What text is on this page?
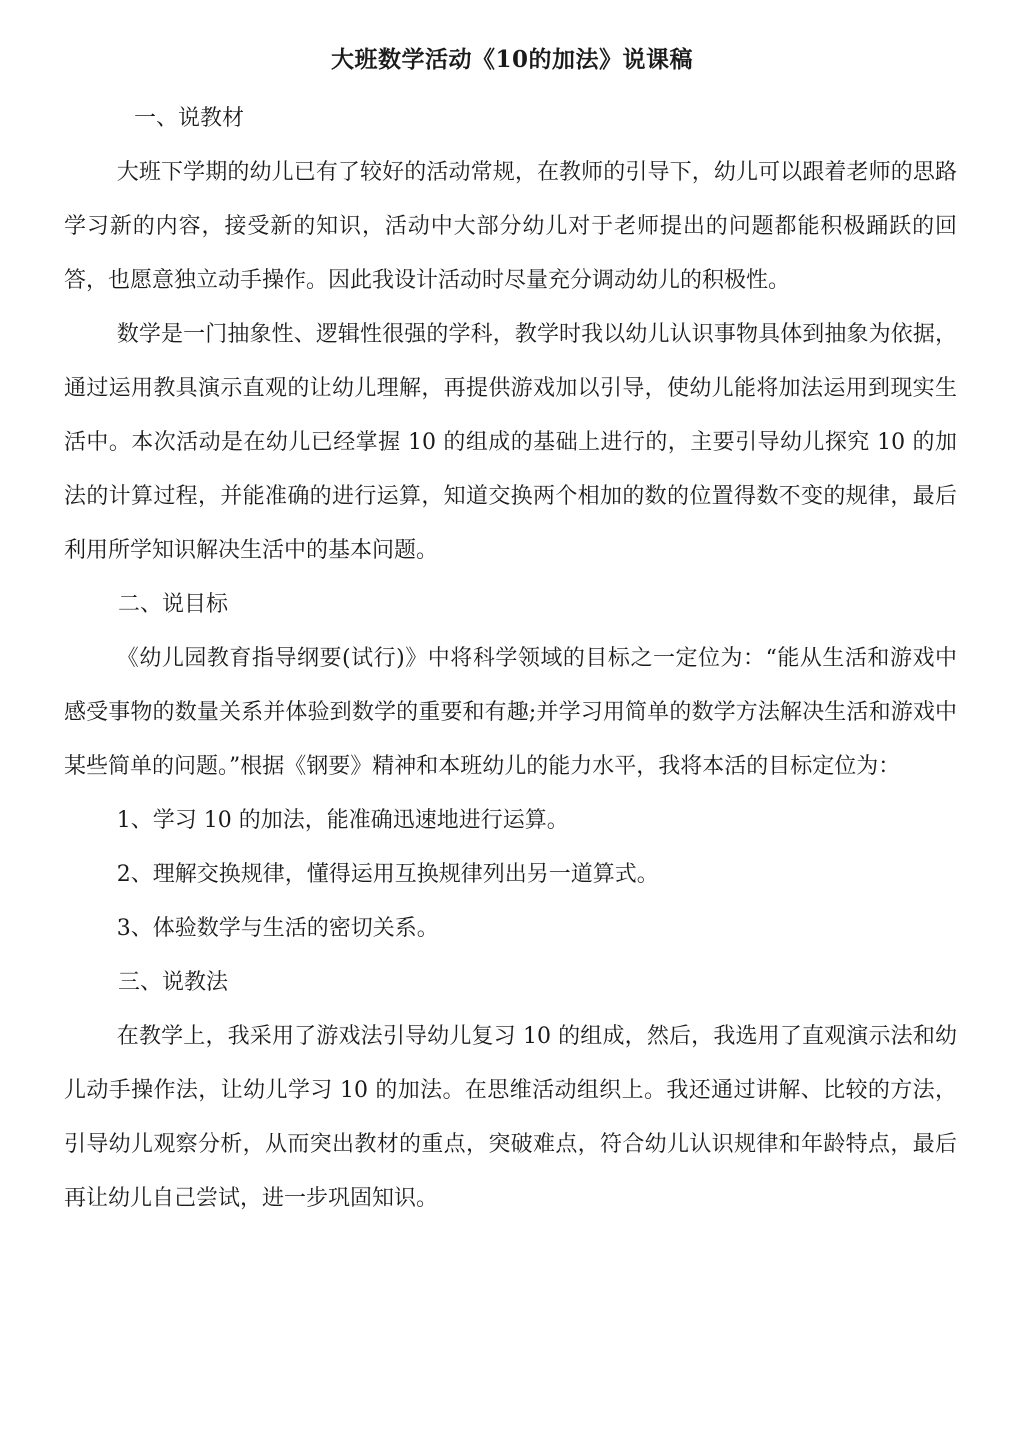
大班数学活动《10的加法》说课稿

一、说教材

大班下学期的幼儿已有了较好的活动常规，在教师的引导下，幼儿可以跟着老师的思路学习新的内容，接受新的知识，活动中大部分幼儿对于老师提出的问题都能积极踊跃的回答，也愿意独立动手操作。因此我设计活动时尽量充分调动幼儿的积极性。

数学是一门抽象性、逻辑性很强的学科，教学时我以幼儿认识事物具体到抽象为依据，通过运用教具演示直观的让幼儿理解，再提供游戏加以引导，使幼儿能将加法运用到现实生活中。本次活动是在幼儿已经掌握 10 的组成的基础上进行的，主要引导幼儿探究 10 的加法的计算过程，并能准确的进行运算，知道交换两个相加的数的位置得数不变的规律，最后利用所学知识解决生活中的基本问题。

二、说目标

《幼儿园教育指导纲要(试行)》中将科学领域的目标之一定位为：“能从生活和游戏中感受事物的数量关系并体验到数学的重要和有趣;并学习用简单的数学方法解决生活和游戏中某些简单的问题。”根据《钢要》精神和本班幼儿的能力水平，我将本活的目标定位为：

1、学习 10 的加法，能准确迅速地进行运算。

2、理解交换规律，懂得运用互换规律列出另一道算式。

3、体验数学与生活的密切关系。

三、说教法

在教学上，我采用了游戏法引导幼儿复习 10 的组成，然后，我选用了直观演示法和幼儿动手操作法，让幼儿学习 10 的加法。在思维活动组织上。我还通过讲解、比较的方法，引导幼儿观察分析，从而突出教材的重点，突破难点，符合幼儿认识规律和年龄特点，最后再让幼儿自己尝试，进一步巩固知识。
